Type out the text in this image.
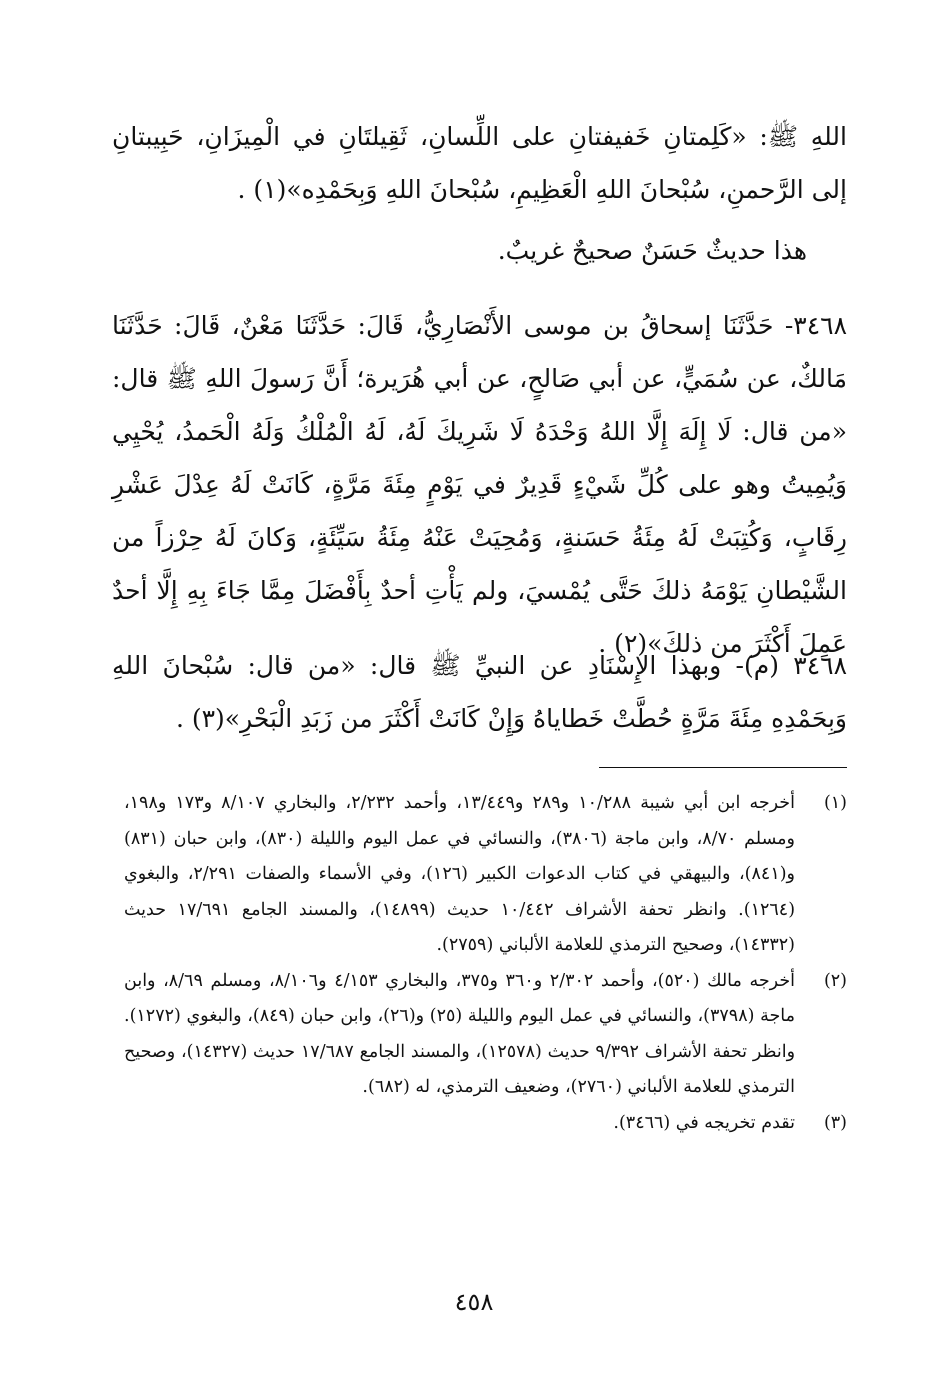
اللهِ ﷺ: «كَلِمتانِ خَفيفتانِ على اللِّسانِ، ثَقِيلتَانِ في الْمِيزَانِ، حَبِيبتانِ إلى الرَّحمنِ، سُبْحانَ اللهِ الْعَظِيمِ، سُبْحانَ اللهِ وَبِحَمْدِه»(١) .

هذا حديثٌ حَسَنٌ صحيحٌ غريبٌ.

٣٤٦٨- حَدَّثَنَا إسحاقُ بن موسى الأَنْصَارِيُّ، قَالَ: حَدَّثَنَا مَعْنٌ، قَالَ: حَدَّثَنَا مَالكٌ، عن سُمَيٍّ، عن أبي صَالحٍ، عن أبي هُرَيرة؛ أَنَّ رَسولَ اللهِ ﷺ قال: «من قال: لَا إِلَهَ إِلَّا اللهُ وَحْدَهُ لَا شَرِيكَ لَهُ، لَهُ الْمُلْكُ وَلَهُ الْحَمدُ، يُحْيِي وَيُمِيتُ وهو على كُلِّ شَيْءٍ قَدِيرٌ في يَوْمٍ مِئَةَ مَرَّةٍ، كَانَتْ لَهُ عِدْلَ عَشْرِ رِقَابٍ، وَكُتِبَتْ لَهُ مِئَةُ حَسَنةٍ، وَمُحِيَتْ عَنْهُ مِئَةُ سَيِّئَةٍ، وَكانَ لَهُ حِرْزاً من الشَّيْطانِ يَوْمَهُ ذلكَ حَتَّى يُمْسيَ، ولم يَأْتِ أحدٌ بِأَفْضَلَ مِمَّا جَاءَ بِهِ إِلَّا أحدٌ عَمِلَ أَكْثَرَ من ذلكَ»(٢) .

٣٤٦٨ (م)- وبهذا الإِسْنَادِ عن النبيِّ ﷺ قال: «من قال: سُبْحانَ اللهِ وَبِحَمْدِهِ مِئَةَ مَرَّةٍ حُطَّتْ خَطاياهُ وَإِنْ كَانَتْ أَكْثَرَ من زَبَدِ الْبَحْرِ»(٣) .

(١)
أخرجه ابن أبي شيبة ١٠/٢٨٨ و٢٨٩ و١٣/٤٤٩، وأحمد ٢/٢٣٢، والبخاري ٨/١٠٧ و١٧٣ و١٩٨، ومسلم ٨/٧٠، وابن ماجة (٣٨٠٦)، والنسائي في عمل اليوم والليلة (٨٣٠)، وابن حبان (٨٣١) و(٨٤١)، والبيهقي في كتاب الدعوات الكبير (١٢٦)، وفي الأسماء والصفات ٢/٢٩١، والبغوي (١٢٦٤). وانظر تحفة الأشراف ١٠/٤٤٢ حديث (١٤٨٩٩)، والمسند الجامع ١٧/٦٩١ حديث (١٤٣٣٢)، وصحيح الترمذي للعلامة الألباني (٢٧٥٩).
(٢)
أخرجه مالك (٥٢٠)، وأحمد ٢/٣٠٢ و٣٦٠ و٣٧٥، والبخاري ٤/١٥٣ و٨/١٠٦، ومسلم ٨/٦٩، وابن ماجة (٣٧٩٨)، والنسائي في عمل اليوم والليلة (٢٥) و(٢٦)، وابن حبان (٨٤٩)، والبغوي (١٢٧٢). وانظر تحفة الأشراف ٩/٣٩٢ حديث (١٢٥٧٨)، والمسند الجامع ١٧/٦٨٧ حديث (١٤٣٢٧)، وصحيح الترمذي للعلامة الألباني (٢٧٦٠)، وضعيف الترمذي، له (٦٨٢).
(٣)
تقدم تخريجه في (٣٤٦٦).
٤٥٨
